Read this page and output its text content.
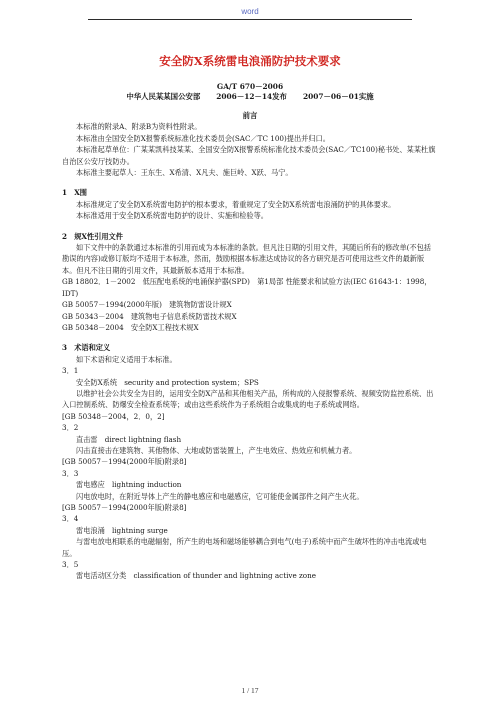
word
安全防X系统雷电浪涌防护技术要求
GA/T 670－2006
中华人民某某国公安部 2006－12－14发布 2007－06－01实施
前言

本标准的附录A、附录B为资料性附录。

本标准由全国安全防X报警系统标准化技术委员会(SAC／TC 100)提出并归口。

本标准起草单位：广某某凯科技某某、全国安全防X报警系统标准化技术委员会(SAC／TC100)秘书处、某某杜旗自治区公安厅技防办。

本标准主要起草人：王东生、X希清、X凡夫、施巨岭、X跃、马宁。

1　X围

本标准规定了安全防X系统雷电防护的根本要求，着重规定了安全防X系统雷电浪涌防护的具体要求。

本标准适用于安全防X系统雷电防护的设计、实施和检验等。

2　规X性引用文件

如下文件中的条款通过本标准的引用而成为本标准的条款。但凡注日期的引用文件，其随后所有的修改单(不包括勘误的内容)或修订版均不适用于本标准，然而，鼓励根据本标准达成协议的各方研究是否可使用这些文件的最新版本。但凡不注日期的引用文件，其最新版本适用于本标准。

GB 18802．1－2002　低压配电系统的电涌保护器(SPD)　第1局部 性能要求和试验方法(IEC 61643-1：1998，IDT)

GB 50057－1994(2000年版)　建筑物防雷设计规X

GB 50343－2004　建筑物电子信息系统防雷技术规X

GB 50348－2004　安全防X工程技术规X

3　术语和定义

如下术语和定义适用于本标准。

3．1

安全防X系统　security and protection system；SPS

以维护社会公共安全为目的，运用安全防X产品和其他相关产品，所构成的入侵报警系统、视频安防监控系统、出入口控制系统、防爆安全检查系统等；或由这些系统作为子系统组合或集成的电子系统或网络。

[GB 50348－2004，2．0，2]

3．2

直击雷　direct lightning flash

闪击直接击在建筑物、其他物体、大地或防雷装置上，产生电效应、热效应和机械力者。

[GB 50057－1994(2000年版)附录8]

3．3

雷电感应　lightning induction

闪电放电时，在附近导体上产生的静电感应和电磁感应，它可能使金属部件之间产生火花。

[GB 50057－1994(2000年版)附录8]

3．4

雷电浪涌　lightning surge

与雷电放电相联系的电磁辐射，所产生的电场和磁场能够耦合到电气(电子)系统中而产生破坏性的冲击电流或电压。

3．5

雷电活动区分类　classification of thunder and lightning active zone

1 / 17
